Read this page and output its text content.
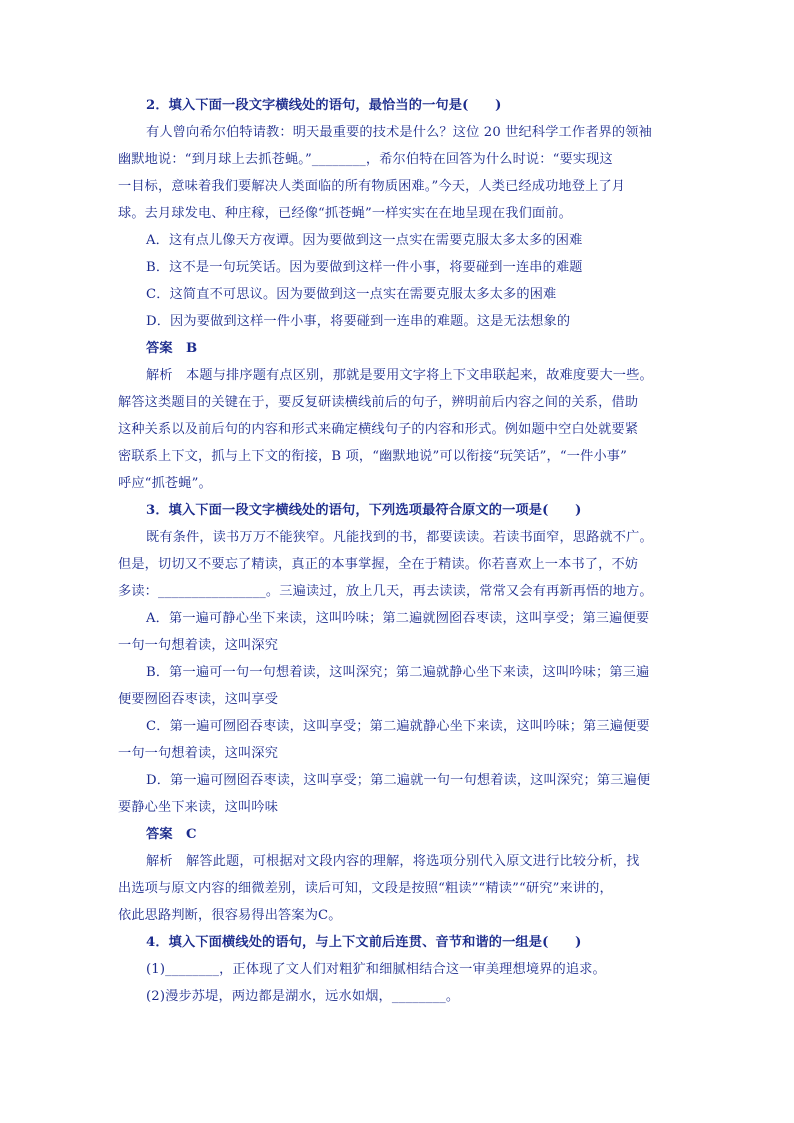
2．填入下面一段文字横线处的语句，最恰当的一句是(　　)
有人曾向希尔伯特请教：明天最重要的技术是什么？这位 20 世纪科学工作者界的领袖
幽默地说：“到月球上去抓苍蝇。”________，希尔伯特在回答为什么时说：“要实现这
一目标，意味着我们要解决人类面临的所有物质困难。”今天，人类已经成功地登上了月
球。去月球发电、种庄稼，已经像“抓苍蝇”一样实实在在地呈现在我们面前。
A．这有点儿像天方夜谭。因为要做到这一点实在需要克服太多太多的困难
B．这不是一句玩笑话。因为要做到这样一件小事，将要碰到一连串的难题
C．这简直不可思议。因为要做到这一点实在需要克服太多太多的困难
D．因为要做到这样一件小事，将要碰到一连串的难题。这是无法想象的
答案　B
解析　本题与排序题有点区别，那就是要用文字将上下文串联起来，故难度要大一些。
解答这类题目的关键在于，要反复研读横线前后的句子，辨明前后内容之间的关系，借助
这种关系以及前后句的内容和形式来确定横线句子的内容和形式。例如题中空白处就要紧
密联系上下文，抓与上下文的衔接，B 项，“幽默地说”可以衔接“玩笑话”，“一件小事”
呼应“抓苍蝇”。
3．填入下面一段文字横线处的语句，下列选项最符合原文的一项是(　　)
既有条件，读书万万不能狭窄。凡能找到的书，都要读读。若读书面窄，思路就不广。
但是，切切又不要忘了精读，真正的本事掌握，全在于精读。你若喜欢上一本书了，不妨
多读：________________。三遍读过，放上几天，再去读读，常常又会有再新再悟的地方。
A．第一遍可静心坐下来读，这叫吟味；第二遍就囫囵吞枣读，这叫享受；第三遍便要
一句一句想着读，这叫深究
B．第一遍可一句一句想着读，这叫深究；第二遍就静心坐下来读，这叫吟味；第三遍
便要囫囵吞枣读，这叫享受
C．第一遍可囫囵吞枣读，这叫享受；第二遍就静心坐下来读，这叫吟味；第三遍便要
一句一句想着读，这叫深究
D．第一遍可囫囵吞枣读，这叫享受；第二遍就一句一句想着读，这叫深究；第三遍便
要静心坐下来读，这叫吟味
答案　C
解析　解答此题，可根据对文段内容的理解，将选项分别代入原文进行比较分析，找
出选项与原文内容的细微差别，读后可知，文段是按照“粗读”“精读”“研究”来讲的，
依此思路判断，很容易得出答案为C。
4．填入下面横线处的语句，与上下文前后连贯、音节和谐的一组是(　　)
(1)________，正体现了文人们对粗犷和细腻相结合这一审美理想境界的追求。
(2)漫步苏堤，两边都是湖水，远水如烟，________。
